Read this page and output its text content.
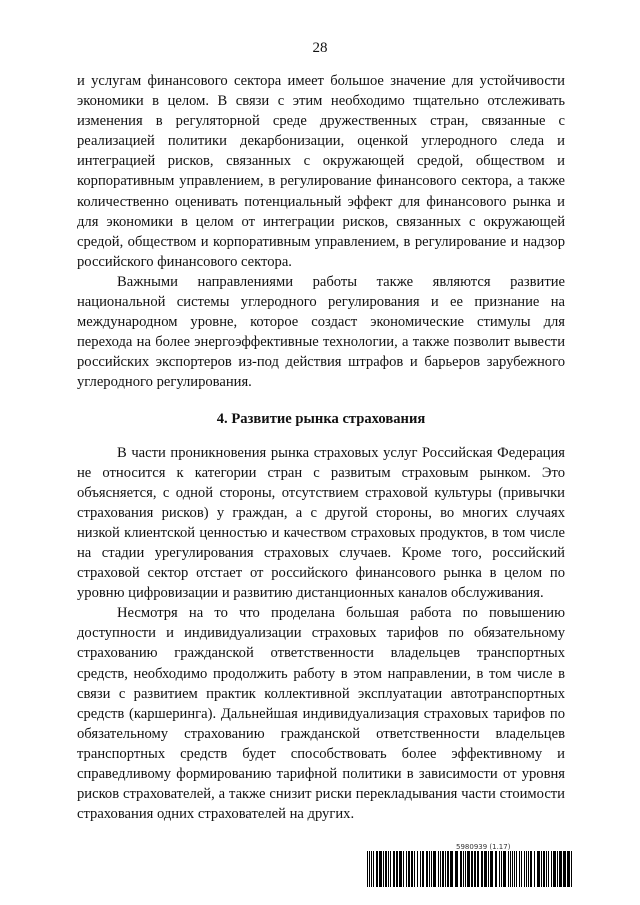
28

и услугам финансового сектора имеет большое значение для устойчивости экономики в целом. В связи с этим необходимо тщательно отслеживать изменения в регуляторной среде дружественных стран, связанные с реализацией политики декарбонизации, оценкой углеродного следа и интеграцией рисков, связанных с окружающей средой, обществом и корпоративным управлением, в регулирование финансового сектора, а также количественно оценивать потенциальный эффект для финансового рынка и для экономики в целом от интеграции рисков, связанных с окружающей средой, обществом и корпоративным управлением, в регулирование и надзор российского финансового сектора.

Важными направлениями работы также являются развитие национальной системы углеродного регулирования и ее признание на международном уровне, которое создаст экономические стимулы для перехода на более энергоэффективные технологии, а также позволит вывести российских экспортеров из-под действия штрафов и барьеров зарубежного углеродного регулирования.

4. Развитие рынка страхования

В части проникновения рынка страховых услуг Российская Федерация не относится к категории стран с развитым страховым рынком. Это объясняется, с одной стороны, отсутствием страховой культуры (привычки страхования рисков) у граждан, а с другой стороны, во многих случаях низкой клиентской ценностью и качеством страховых продуктов, в том числе на стадии урегулирования страховых случаев. Кроме того, российский страховой сектор отстает от российского финансового рынка в целом по уровню цифровизации и развитию дистанционных каналов обслуживания.

Несмотря на то что проделана большая работа по повышению доступности и индивидуализации страховых тарифов по обязательному страхованию гражданской ответственности владельцев транспортных средств, необходимо продолжить работу в этом направлении, в том числе в связи с развитием практик коллективной эксплуатации автотранспортных средств (каршеринга). Дальнейшая индивидуализация страховых тарифов по обязательному страхованию гражданской ответственности владельцев транспортных средств будет способствовать более эффективному и справедливому формированию тарифной политики в зависимости от уровня рисков страхователей, а также снизит риски перекладывания части стоимости страхования одних страхователей на других.

5980939 (1.17)
